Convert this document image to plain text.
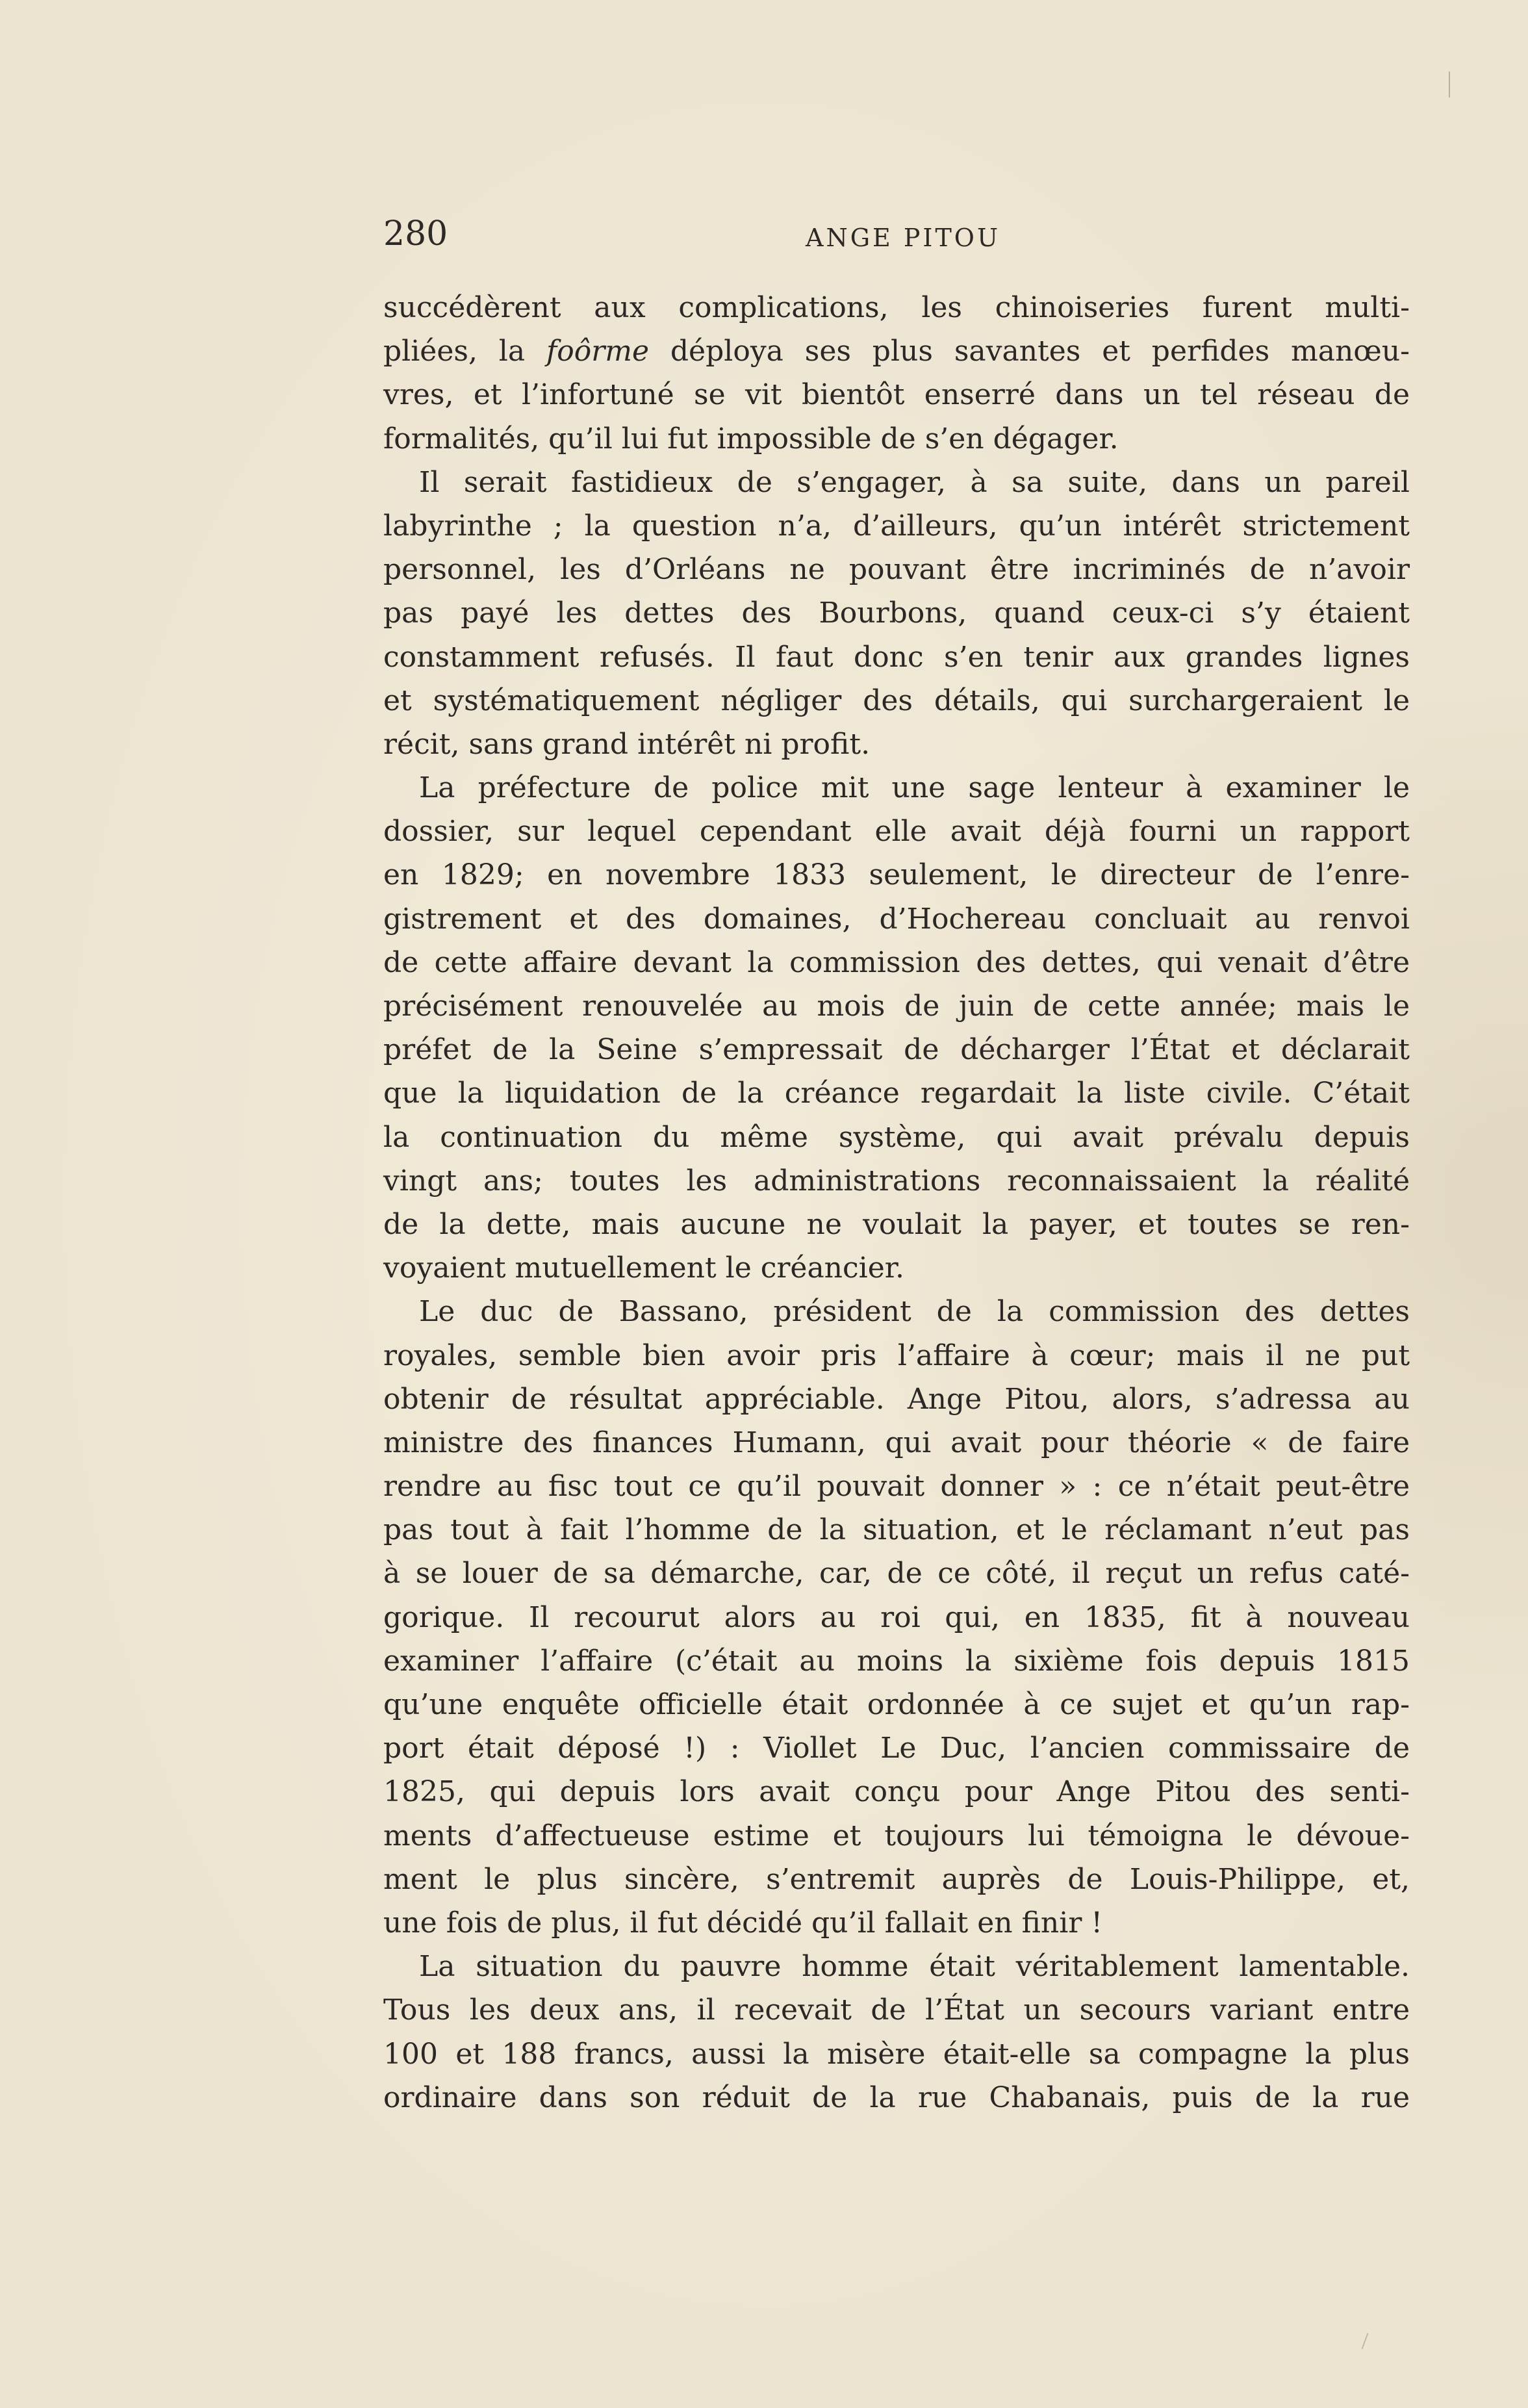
280	ANGE PITOU
succédèrent aux complications, les chinoiseries furent multi-
pliées, la foôrme déploya ses plus savantes et perfides manœu-
vres, et l’infortuné se vit bientôt enserré dans un tel réseau de
formalités, qu’il lui fut impossible de s’en dégager.
Il serait fastidieux de s’engager, à sa suite, dans un pareil
labyrinthe ; la question n’a, d’ailleurs, qu’un intérêt strictement
personnel, les d’Orléans ne pouvant être incriminés de n’avoir
pas payé les dettes des Bourbons, quand ceux-ci s’y étaient
constamment refusés. Il faut donc s’en tenir aux grandes lignes
et systématiquement négliger des détails, qui surchargeraient le
récit, sans grand intérêt ni profit.
La préfecture de police mit une sage lenteur à examiner le
dossier, sur lequel cependant elle avait déjà fourni un rapport
en 1829; en novembre 1833 seulement, le directeur de l’enre-
gistrement et des domaines, d’Hochereau concluait au renvoi
de cette affaire devant la commission des dettes, qui venait d’être
précisément renouvelée au mois de juin de cette année; mais le
préfet de la Seine s’empressait de décharger l’État et déclarait
que la liquidation de la créance regardait la liste civile. C’était
la continuation du même système, qui avait prévalu depuis
vingt ans; toutes les administrations reconnaissaient la réalité
de la dette, mais aucune ne voulait la payer, et toutes se ren-
voyaient mutuellement le créancier.
Le duc de Bassano, président de la commission des dettes
royales, semble bien avoir pris l’affaire à cœur; mais il ne put
obtenir de résultat appréciable. Ange Pitou, alors, s’adressa au
ministre des finances Humann, qui avait pour théorie « de faire
rendre au fisc tout ce qu’il pouvait donner » : ce n’était peut-être
pas tout à fait l’homme de la situation, et le réclamant n’eut pas
à se louer de sa démarche, car, de ce côté, il reçut un refus caté-
gorique. Il recourut alors au roi qui, en 1835, fit à nouveau
examiner l’affaire (c’était au moins la sixième fois depuis 1815
qu’une enquête officielle était ordonnée à ce sujet et qu’un rap-
port était déposé !) : Viollet Le Duc, l’ancien commissaire de
1825, qui depuis lors avait conçu pour Ange Pitou des senti-
ments d’affectueuse estime et toujours lui témoigna le dévoue-
ment le plus sincère, s’entremit auprès de Louis-Philippe, et,
une fois de plus, il fut décidé qu’il fallait en finir !
La situation du pauvre homme était véritablement lamentable.
Tous les deux ans, il recevait de l’État un secours variant entre
100 et 188 francs, aussi la misère était-elle sa compagne la plus
ordinaire dans son réduit de la rue Chabanais, puis de la rue
